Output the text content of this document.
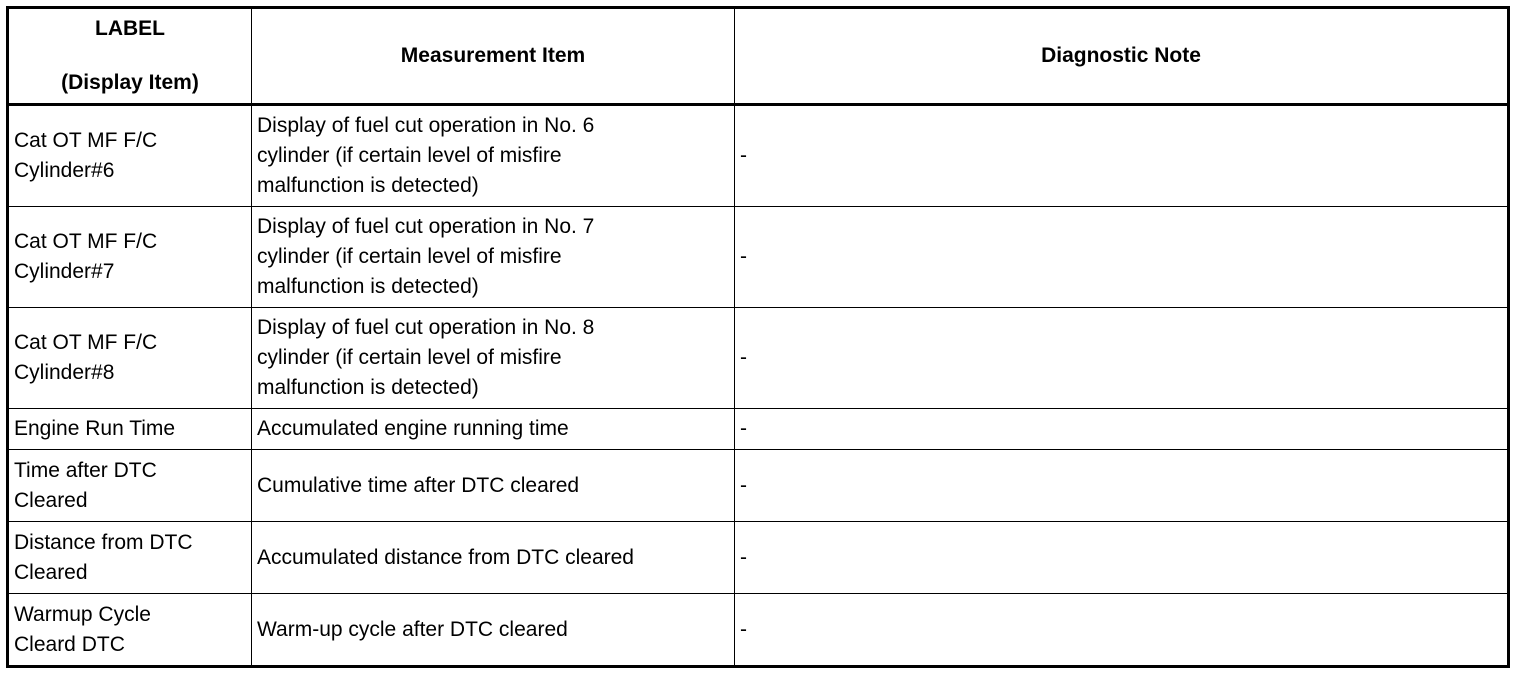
LABEL
(Display Item)	Measurement Item	Diagnostic Note
Cat OT MF F/C
Cylinder#6	Display of fuel cut operation in No. 6
cylinder (if certain level of misfire
malfunction is detected)	-
Cat OT MF F/C
Cylinder#7	Display of fuel cut operation in No. 7
cylinder (if certain level of misfire
malfunction is detected)	-
Cat OT MF F/C
Cylinder#8	Display of fuel cut operation in No. 8
cylinder (if certain level of misfire
malfunction is detected)	-
Engine Run Time	Accumulated engine running time	-
Time after DTC
Cleared	Cumulative time after DTC cleared	-
Distance from DTC
Cleared	Accumulated distance from DTC cleared	-
Warmup Cycle
Cleard DTC	Warm-up cycle after DTC cleared	-
